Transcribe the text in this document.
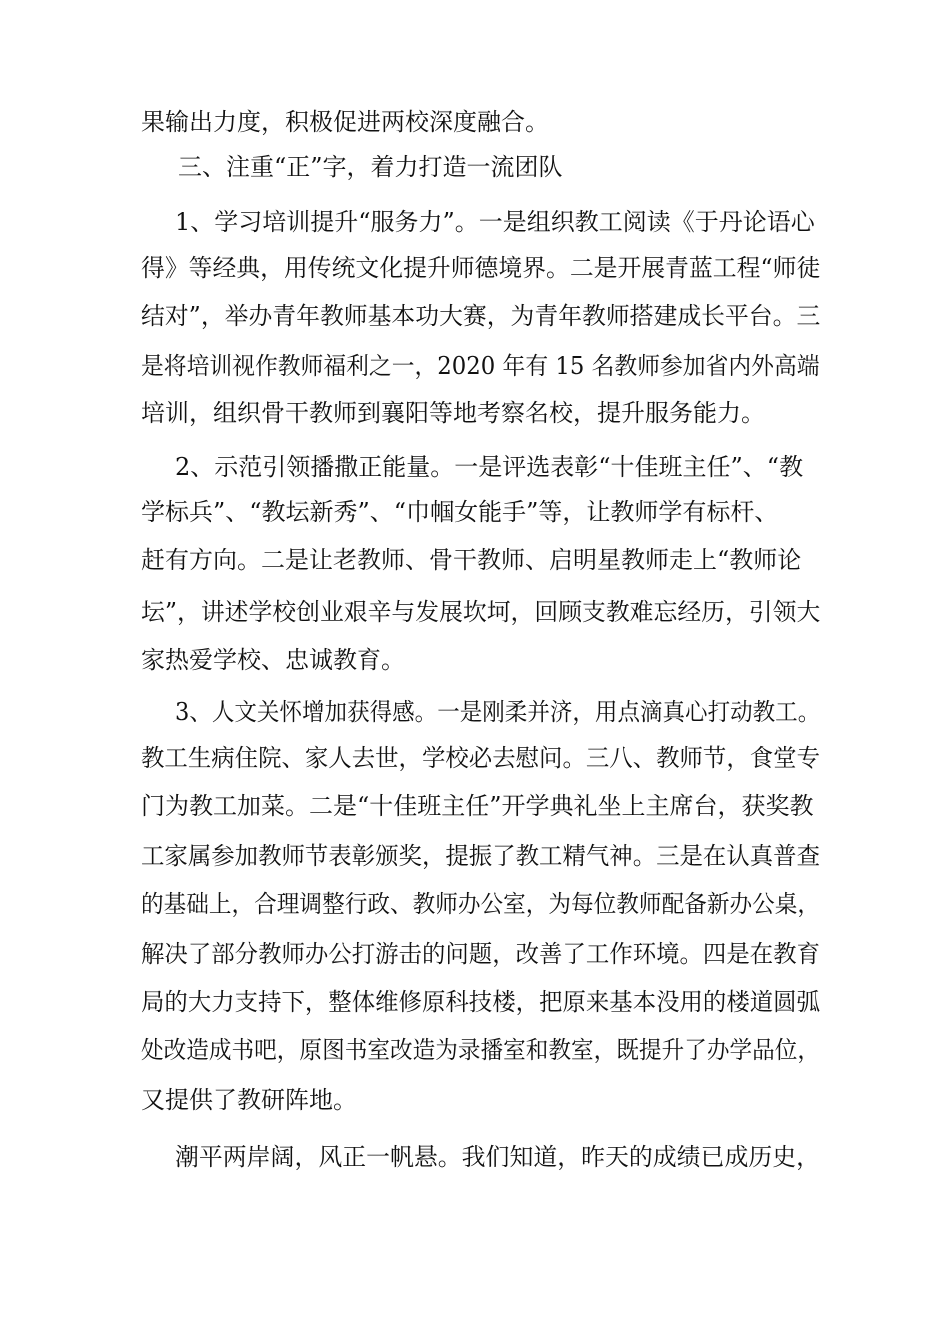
果输出力度，积极促进两校深度融合。
三、注重“正”字，着力打造一流团队
1、学习培训提升“服务力”。一是组织教工阅读《于丹论语心
得》等经典，用传统文化提升师德境界。二是开展青蓝工程“师徒
结对”，举办青年教师基本功大赛，为青年教师搭建成长平台。三
是将培训视作教师福利之一，2020 年有 15 名教师参加省内外高端
培训，组织骨干教师到襄阳等地考察名校，提升服务能力。
2、示范引领播撒正能量。一是评选表彰“十佳班主任”、“教
学标兵”、“教坛新秀”、“巾帼女能手”等，让教师学有标杆、
赶有方向。二是让老教师、骨干教师、启明星教师走上“教师论
坛”，讲述学校创业艰辛与发展坎坷，回顾支教难忘经历，引领大
家热爱学校、忠诚教育。
3、人文关怀增加获得感。一是刚柔并济，用点滴真心打动教工。
教工生病住院、家人去世，学校必去慰问。三八、教师节，食堂专
门为教工加菜。二是“十佳班主任”开学典礼坐上主席台，获奖教
工家属参加教师节表彰颁奖，提振了教工精气神。三是在认真普查
的基础上，合理调整行政、教师办公室，为每位教师配备新办公桌，
解决了部分教师办公打游击的问题，改善了工作环境。四是在教育
局的大力支持下，整体维修原科技楼，把原来基本没用的楼道圆弧
处改造成书吧，原图书室改造为录播室和教室，既提升了办学品位，
又提供了教研阵地。
潮平两岸阔，风正一帆悬。我们知道，昨天的成绩已成历史，
